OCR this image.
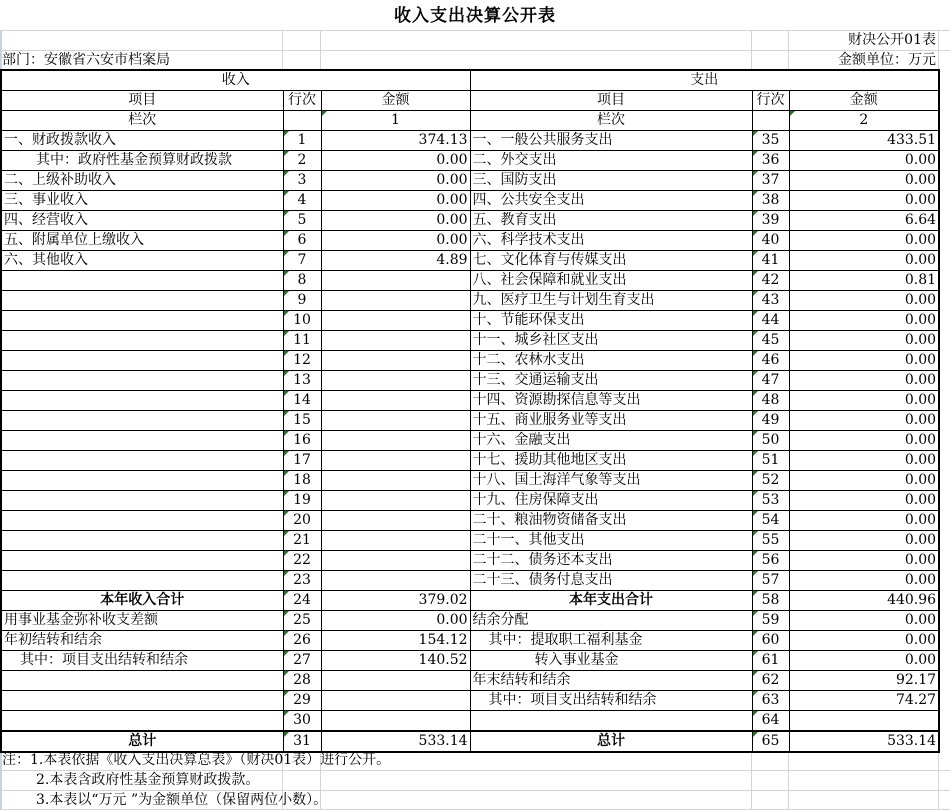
收入支出决算公开表
财决公开01表
金额单位：万元
部门：安徽省六安市档案局
收入			支出		
项目	行次	金额	项目	行次	金额
栏次		1	栏次		2
一、财政拨款收入	1	374.13	一、一般公共服务支出	35	433.51
其中：政府性基金预算财政拨款	2	0.00	二、外交支出	36	0.00
二、上级补助收入	3	0.00	三、国防支出	37	0.00
三、事业收入	4	0.00	四、公共安全支出	38	0.00
四、经营收入	5	0.00	五、教育支出	39	6.64
五、附属单位上缴收入	6	0.00	六、科学技术支出	40	0.00
六、其他收入	7	4.89	七、文化体育与传媒支出	41	0.00
	8		八、社会保障和就业支出	42	0.81
	9		九、医疗卫生与计划生育支出	43	0.00
	10		十、节能环保支出	44	0.00
	11		十一、城乡社区支出	45	0.00
	12		十二、农林水支出	46	0.00
	13		十三、交通运输支出	47	0.00
	14		十四、资源勘探信息等支出	48	0.00
	15		十五、商业服务业等支出	49	0.00
	16		十六、金融支出	50	0.00
	17		十七、援助其他地区支出	51	0.00
	18		十八、国土海洋气象等支出	52	0.00
	19		十九、住房保障支出	53	0.00
	20		二十、粮油物资储备支出	54	0.00
	21		二十一、其他支出	55	0.00
	22		二十二、债务还本支出	56	0.00
	23		二十三、债务付息支出	57	0.00
本年收入合计	24	379.02	本年支出合计	58	440.96
用事业基金弥补收支差额	25	0.00	结余分配	59	0.00
年初结转和结余	26	154.12	其中：提取职工福利基金	60	0.00
其中：项目支出结转和结余	27	140.52	转入事业基金	61	0.00
	28		年末结转和结余	62	92.17
	29		其中：项目支出结转和结余	63	74.27
	30			64	
总计	31	533.14	总计	65	533.14
注：1.本表依据《收入支出决算总表》（财决01表）进行公开。
2.本表含政府性基金预算财政拨款。
3.本表以“万元 ”为金额单位（保留两位小数）。
